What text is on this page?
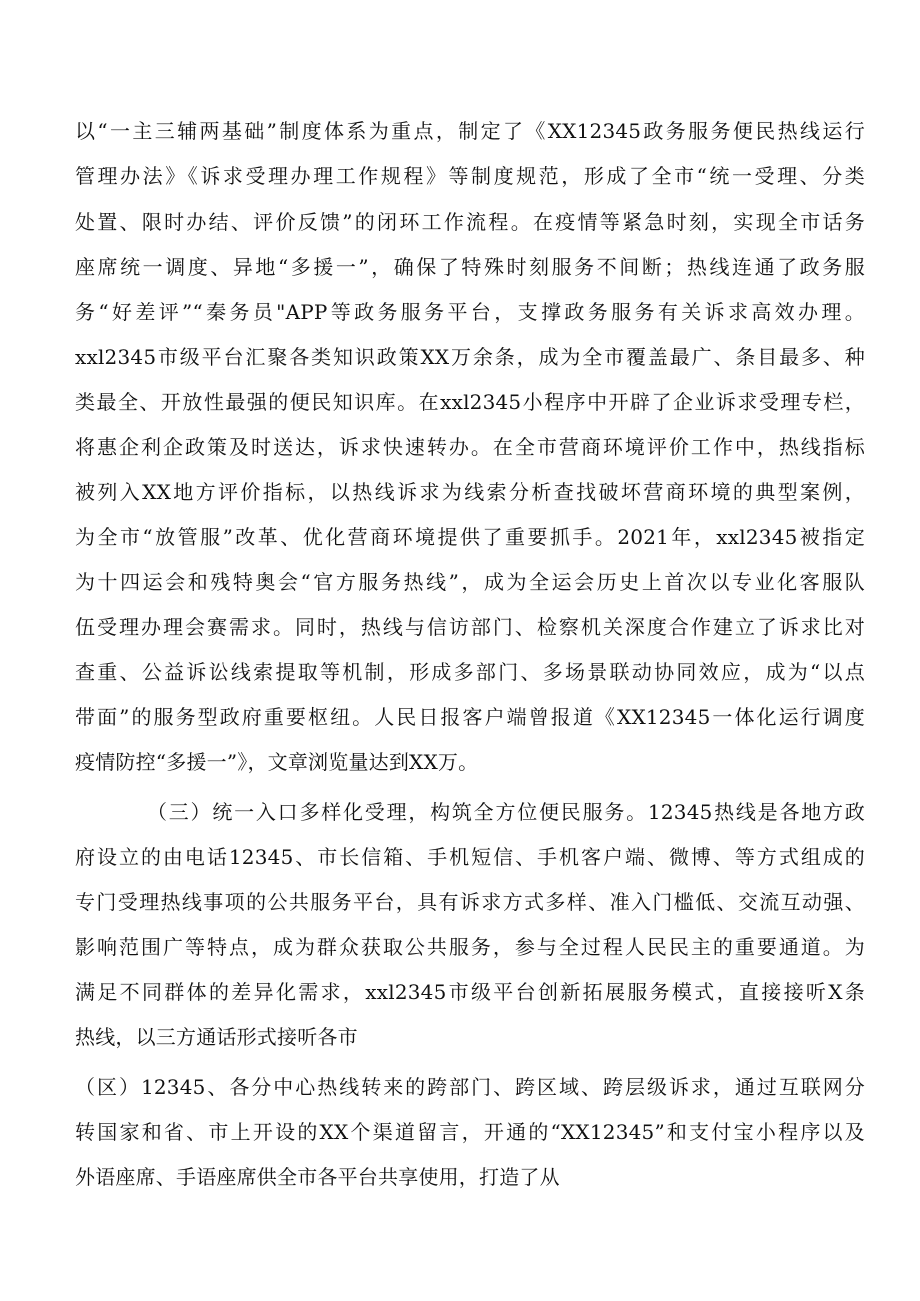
以“一主三辅两基础”制度体系为重点，制定了《XX12345政务服务便民热线运行
管理办法》《诉求受理办理工作规程》等制度规范，形成了全市“统一受理、分类
处置、限时办结、评价反馈”的闭环工作流程。在疫情等紧急时刻，实现全市话务
座席统一调度、异地“多援一”，确保了特殊时刻服务不间断；热线连通了政务服
务“好差评”“秦务员"APP等政务服务平台，支撑政务服务有关诉求高效办理。
xxl2345市级平台汇聚各类知识政策XX万余条，成为全市覆盖最广、条目最多、种
类最全、开放性最强的便民知识库。在xxl2345小程序中开辟了企业诉求受理专栏，
将惠企利企政策及时送达，诉求快速转办。在全市营商环境评价工作中，热线指标
被列入XX地方评价指标，以热线诉求为线索分析查找破坏营商环境的典型案例，
为全市“放管服”改革、优化营商环境提供了重要抓手。2021年，xxl2345被指定
为十四运会和残特奥会“官方服务热线”，成为全运会历史上首次以专业化客服队
伍受理办理会赛需求。同时，热线与信访部门、检察机关深度合作建立了诉求比对
查重、公益诉讼线索提取等机制，形成多部门、多场景联动协同效应，成为“以点
带面”的服务型政府重要枢纽。人民日报客户端曾报道《XX12345一体化运行调度
疫情防控“多援一”》，文章浏览量达到XX万。
（三）统一入口多样化受理，构筑全方位便民服务。12345热线是各地方政
府设立的由电话12345、市长信箱、手机短信、手机客户端、微博、等方式组成的
专门受理热线事项的公共服务平台，具有诉求方式多样、准入门槛低、交流互动强、
影响范围广等特点，成为群众获取公共服务，参与全过程人民民主的重要通道。为
满足不同群体的差异化需求，xxl2345市级平台创新拓展服务模式，直接接听X条
热线，以三方通话形式接听各市
（区）12345、各分中心热线转来的跨部门、跨区域、跨层级诉求，通过互联网分
转国家和省、市上开设的XX个渠道留言，开通的“XX12345”和支付宝小程序以及
外语座席、手语座席供全市各平台共享使用，打造了从
